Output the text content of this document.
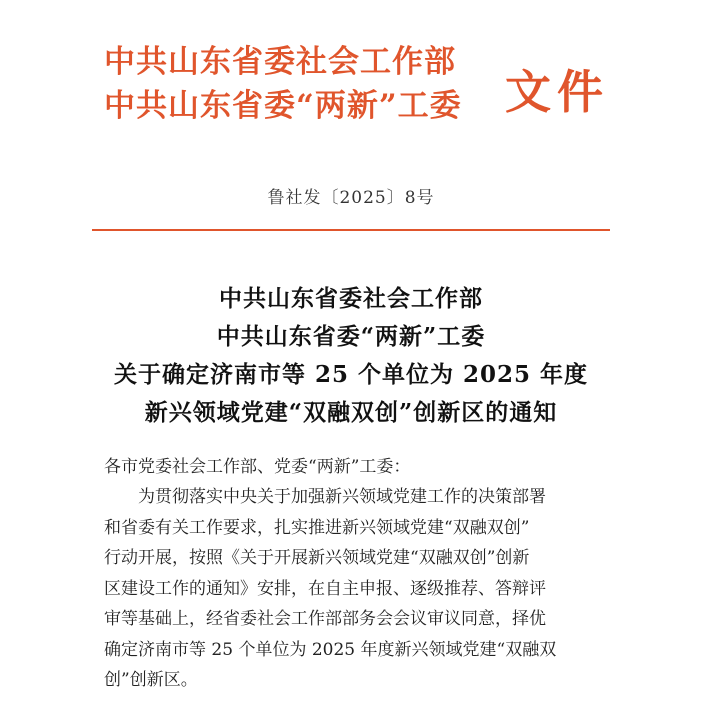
中共山东省委社会工作部
中共山东省委“两新”工委 文件
鲁社发〔2025〕8号
中共山东省委社会工作部
中共山东省委“两新”工委
关于确定济南市等 25 个单位为 2025 年度
新兴领域党建“双融双创”创新区的通知
各市党委社会工作部、党委“两新”工委：
为贯彻落实中央关于加强新兴领域党建工作的决策部署
和省委有关工作要求，扎实推进新兴领域党建“双融双创”
行动开展，按照《关于开展新兴领域党建“双融双创”创新
区建设工作的通知》安排，在自主申报、逐级推荐、答辩评
审等基础上，经省委社会工作部部务会会议审议同意，择优
确定济南市等 25 个单位为 2025 年度新兴领域党建“双融双
创”创新区。
